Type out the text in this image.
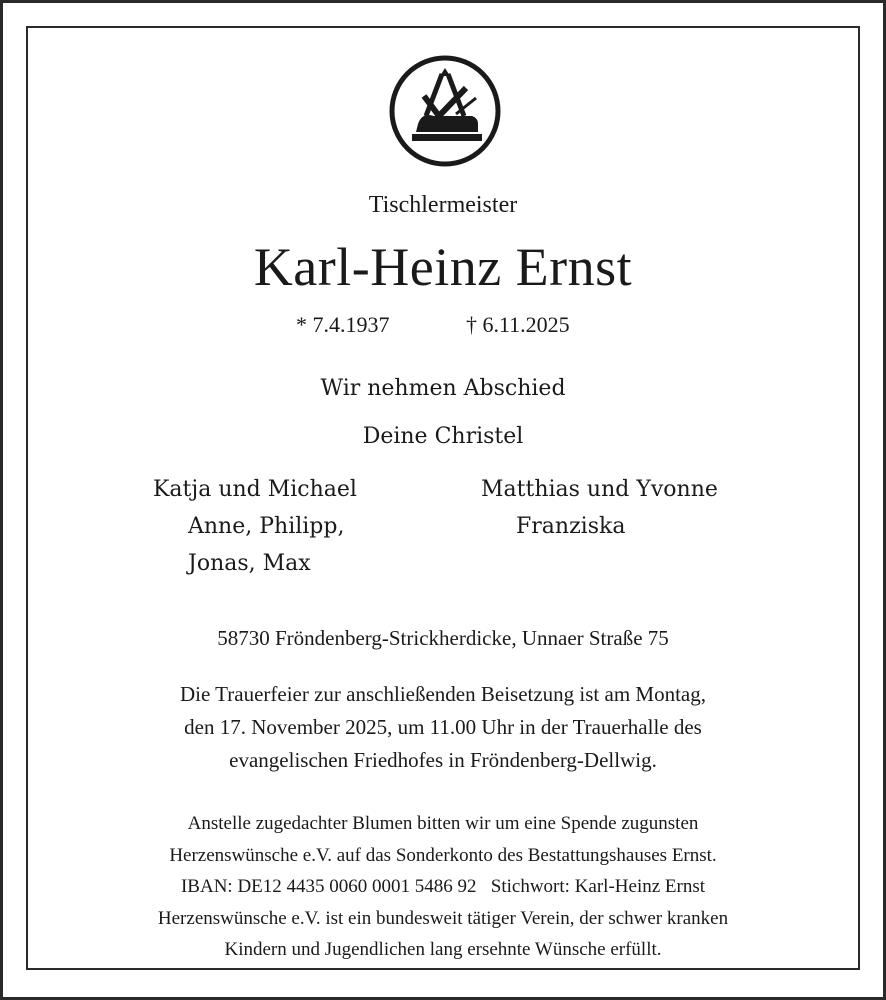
Tischlermeister
Karl-Heinz Ernst
* 7.4.1937	† 6.11.2025
Wir nehmen Abschied
Deine Christel
Katja und Michael
Anne, Philipp,
Jonas, Max
Matthias und Yvonne
Franziska
58730 Fröndenberg-Strickherdicke, Unnaer Straße 75
Die Trauerfeier zur anschließenden Beisetzung ist am Montag,
den 17. November 2025, um 11.00 Uhr in der Trauerhalle des
evangelischen Friedhofes in Fröndenberg-Dellwig.
Anstelle zugedachter Blumen bitten wir um eine Spende zugunsten
Herzenswünsche e.V. auf das Sonderkonto des Bestattungshauses Ernst.
IBAN: DE12 4435 0060 0001 5486 92   Stichwort: Karl-Heinz Ernst
Herzenswünsche e.V. ist ein bundesweit tätiger Verein, der schwer kranken
Kindern und Jugendlichen lang ersehnte Wünsche erfüllt.
